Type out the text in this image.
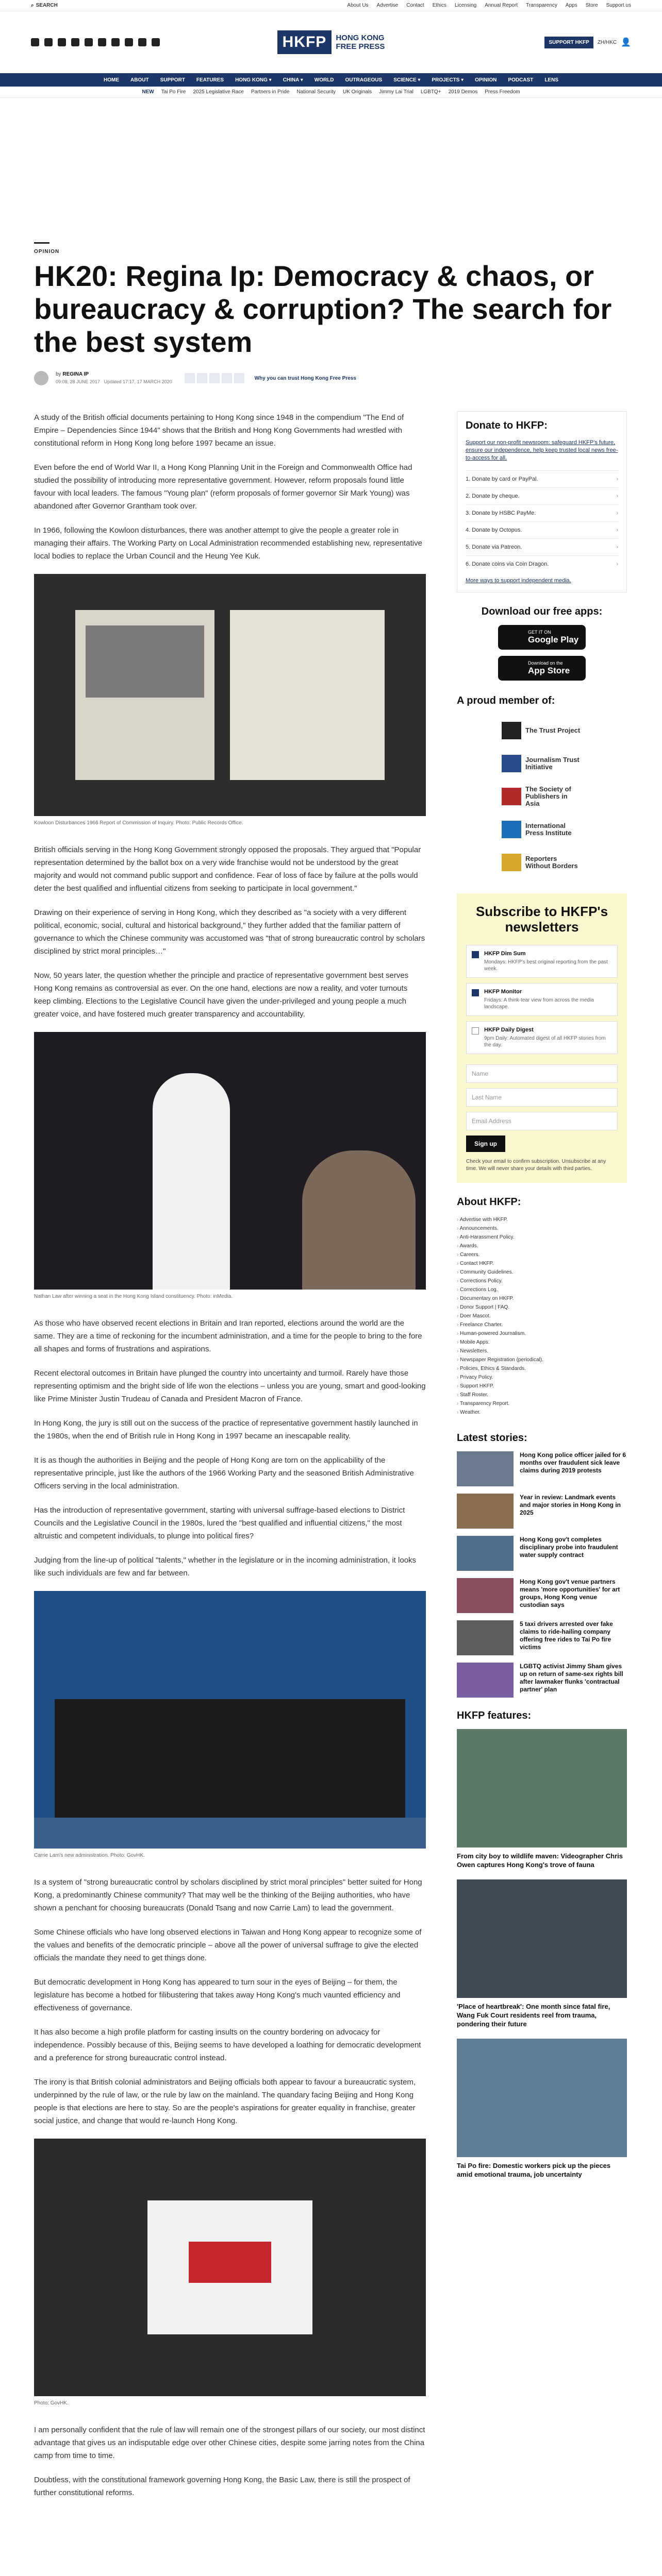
⌕ SEARCH	About Us Advertise Contact Ethics Licensing Annual Report Transparency Apps Store Support us
HKFP	HONG KONG
FREE PRESS	SUPPORT HKFP	ZH/HKC 👤
HOME ABOUT SUPPORT FEATURES HONG KONG ▾ CHINA ▾ WORLD OUTRAGEOUS SCIENCE ▾ PROJECTS ▾ OPINION PODCAST LENS
NEW Tai Po Fire 2025 Legislative Race Partners in Pride National Security UK Originals Jimmy Lai Trial LGBTQ+ 2019 Demos Press Freedom
OPINION
HK20: Regina Ip: Democracy & chaos, or bureaucracy & corruption? The search for the best system
by REGINA IP
09:08, 28 JUNE 2017 Updated 17:17, 17 MARCH 2020
Why you can trust Hong Kong Free Press

A study of the British official documents pertaining to Hong Kong since 1948 in the compendium "The End of Empire – Dependencies Since 1944" shows that the British and Hong Kong Governments had wrestled with constitutional reform in Hong Kong long before 1997 became an issue.

Even before the end of World War II, a Hong Kong Planning Unit in the Foreign and Commonwealth Office had studied the possibility of introducing more representative government. However, reform proposals found little favour with local leaders. The famous "Young plan" (reform proposals of former governor Sir Mark Young) was abandoned after Governor Grantham took over.

In 1966, following the Kowloon disturbances, there was another attempt to give the people a greater role in managing their affairs. The Working Party on Local Administration recommended establishing new, representative local bodies to replace the Urban Council and the Heung Yee Kuk.

Kowloon Disturbances 1966 Report of Commission of Inquiry. Photo: Public Records Office.

British officials serving in the Hong Kong Government strongly opposed the proposals. They argued that "Popular representation determined by the ballot box on a very wide franchise would not be understood by the great majority and would not command public support and confidence. Fear of loss of face by failure at the polls would deter the best qualified and influential citizens from seeking to participate in local government."

Drawing on their experience of serving in Hong Kong, which they described as "a society with a very different political, economic, social, cultural and historical background," they further added that the familiar pattern of governance to which the Chinese community was accustomed was "that of strong bureaucratic control by scholars disciplined by strict moral principles…"

Now, 50 years later, the question whether the principle and practice of representative government best serves Hong Kong remains as controversial as ever. On the one hand, elections are now a reality, and voter turnouts keep climbing. Elections to the Legislative Council have given the under-privileged and young people a much greater voice, and have fostered much greater transparency and accountability.

Nathan Law after winning a seat in the Hong Kong Island constituency. Photo: inMedia.

As those who have observed recent elections in Britain and Iran reported, elections around the world are the same. They are a time of reckoning for the incumbent administration, and a time for the people to bring to the fore all shapes and forms of frustrations and aspirations.

Recent electoral outcomes in Britain have plunged the country into uncertainty and turmoil. Rarely have those representing optimism and the bright side of life won the elections – unless you are young, smart and good-looking like Prime Minister Justin Trudeau of Canada and President Macron of France.

In Hong Kong, the jury is still out on the success of the practice of representative government hastily launched in the 1980s, when the end of British rule in Hong Kong in 1997 became an inescapable reality.

It is as though the authorities in Beijing and the people of Hong Kong are torn on the applicability of the representative principle, just like the authors of the 1966 Working Party and the seasoned British Administrative Officers serving in the local administration.

Has the introduction of representative government, starting with universal suffrage-based elections to District Councils and the Legislative Council in the 1980s, lured the "best qualified and influential citizens," the most altruistic and competent individuals, to plunge into political fires?

Judging from the line-up of political "talents," whether in the legislature or in the incoming administration, it looks like such individuals are few and far between.

Carrie Lam's new administration. Photo: GovHK.

Is a system of "strong bureaucratic control by scholars disciplined by strict moral principles" better suited for Hong Kong, a predominantly Chinese community? That may well be the thinking of the Beijing authorities, who have shown a penchant for choosing bureaucrats (Donald Tsang and now Carrie Lam) to lead the government.

Some Chinese officials who have long observed elections in Taiwan and Hong Kong appear to recognize some of the values and benefits of the democratic principle – above all the power of universal suffrage to give the elected officials the mandate they need to get things done.

But democratic development in Hong Kong has appeared to turn sour in the eyes of Beijing – for them, the legislature has become a hotbed for filibustering that takes away Hong Kong's much vaunted efficiency and effectiveness of governance.

It has also become a high profile platform for casting insults on the country bordering on advocacy for independence. Possibly because of this, Beijing seems to have developed a loathing for democratic development and a preference for strong bureaucratic control instead.

The irony is that British colonial administrators and Beijing officials both appear to favour a bureaucratic system, underpinned by the rule of law, or the rule by law on the mainland. The quandary facing Beijing and Hong Kong people is that elections are here to stay. So are the people's aspirations for greater equality in franchise, greater social justice, and change that would re-launch Hong Kong.

Photo: GovHK.

I am personally confident that the rule of law will remain one of the strongest pillars of our society, our most distinct advantage that gives us an indisputable edge over other Chinese cities, despite some jarring notes from the China camp from time to time.

Doubtless, with the constitutional framework governing Hong Kong, the Basic Law, there is still the prospect of further constitutional reforms.

Donate to HKFP:
Support our non-profit newsroom: safeguard HKFP's future, ensure our independence, help keep trusted local news free-to-access for all.
1. Donate by card or PayPal.	›
2. Donate by cheque.	›
3. Donate by HSBC PayMe.	›
4. Donate by Octopus.	›
5. Donate via Patreon.	›
6. Donate coins via Coin Dragon.	›
More ways to support independent media.
Download our free apps:
GET IT ON
Google Play
Download on the
App Store
A proud member of:
The Trust Project
Journalism Trust Initiative
The Society of Publishers in Asia
International Press Institute
Reporters Without Borders
Subscribe to HKFP's newsletters
HKFP Dim Sum
Mondays: HKFP's best original reporting from the past week.
HKFP Monitor
Fridays: A think-tear view from across the media landscape.
HKFP Daily Digest
9pm Daily: Automated digest of all HKFP stories from the day.
Name
Last Name
Email Address
Sign up
Check your email to confirm subscription. Unsubscribe at any time. We will never share your details with third parties.
About HKFP:
› Advertise with HKFP.
› Announcements.
› Anti-Harassment Policy.
› Awards.
› Careers.
› Contact HKFP.
› Community Guidelines.
› Corrections Policy.
› Corrections Log.
› Documentary on HKFP.
› Donor Support | FAQ.
› Doer Mascot.
› Freelance Charter.
› Human-powered Journalism.
› Mobile Apps.
› Newsletters.
› Newspaper Registration (periodical).
› Policies, Ethics & Standards.
› Privacy Policy.
› Support HKFP.
› Staff Roster.
› Transparency Report.
› Weather.
Latest stories:
Hong Kong police officer jailed for 6 months over fraudulent sick leave claims during 2019 protests
Year in review: Landmark events and major stories in Hong Kong in 2025
Hong Kong gov't completes disciplinary probe into fraudulent water supply contract
Hong Kong gov't venue partners means 'more opportunities' for art groups, Hong Kong venue custodian says
5 taxi drivers arrested over fake claims to ride-hailing company offering free rides to Tai Po fire victims
LGBTQ activist Jimmy Sham gives up on return of same-sex rights bill after lawmaker flunks 'contractual partner' plan
HKFP features:
From city boy to wildlife maven: Videographer Chris Owen captures Hong Kong's trove of fauna
'Place of heartbreak': One month since fatal fire, Wang Fuk Court residents reel from trauma, pondering their future
Tai Po fire: Domestic workers pick up the pieces amid emotional trauma, job uncertainty
